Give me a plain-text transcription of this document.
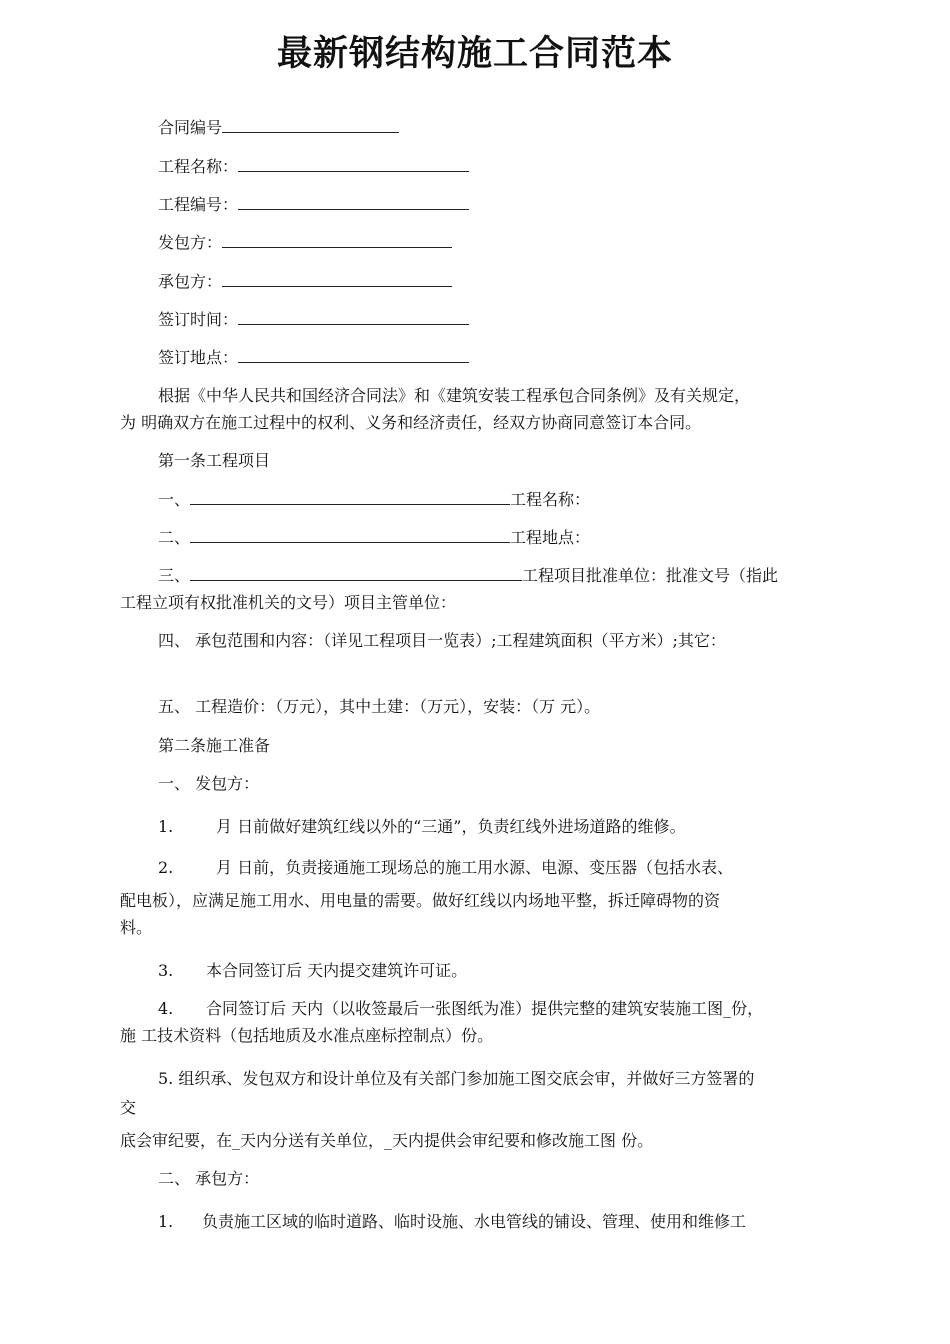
最新钢结构施工合同范本
合同编号
工程名称：
工程编号：
发包方：
承包方：
签订时间：
签订地点：
根据《中华人民共和国经济合同法》和《建筑安装工程承包合同条例》及有关规定，
为 明确双方在施工过程中的权利、义务和经济责任，经双方协商同意签订本合同。
第一条工程项目
一、	工程名称：
二、	工程地点：
三、	工程项目批准单位：批准文号（指此
工程立项有权批准机关的文号）项目主管单位：
四、 承包范围和内容：（详见工程项目一览表）;工程建筑面积（平方米）;其它：
五、 工程造价：（万元），其中土建：（万元），安装：（万 元）。
第二条施工准备
一、 发包方：
1.	月 日前做好建筑红线以外的“三通”，负责红线外进场道路的维修。
2.	月 日前，负责接通施工现场总的施工用水源、电源、变压器（包括水表、
配电板），应满足施工用水、用电量的需要。做好红线以内场地平整，拆迁障碍物的资
料。
3. 本合同签订后 天内提交建筑许可证。
4. 合同签订后 天内（以收签最后一张图纸为准）提供完整的建筑安装施工图_份，
施 工技术资料（包括地质及水准点座标控制点）份。
5. 组织承、发包双方和设计单位及有关部门参加施工图交底会审，并做好三方签署的
交
底会审纪要，在_天内分送有关单位，_天内提供会审纪要和修改施工图 份。
二、 承包方：
1. 负责施工区域的临时道路、临时设施、水电管线的铺设、管理、使用和维修工
